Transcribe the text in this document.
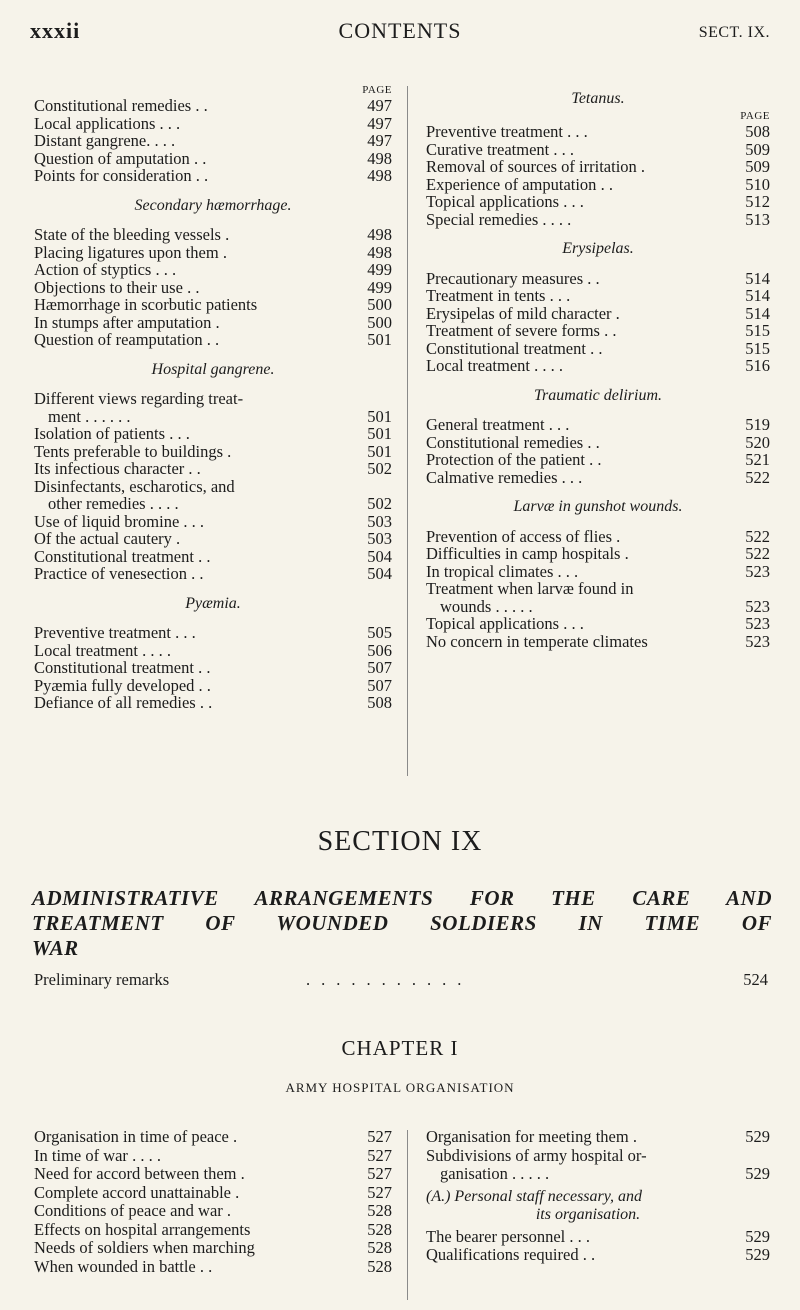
xxxii	CONTENTS	SECT. IX.
PAGE
Constitutional remedies . .	497
Local applications . . .	497
Distant gangrene. . . .	497
Question of amputation . .	498
Points for consideration . .	498
Secondary hæmorrhage.
State of the bleeding vessels .	498
Placing ligatures upon them .	498
Action of styptics . . .	499
Objections to their use . .	499
Hæmorrhage in scorbutic patients	500
In stumps after amputation .	500
Question of reamputation . .	501
Hospital gangrene.
Different views regarding treat-
ment . . . . . .	501
Isolation of patients . . .	501
Tents preferable to buildings .	501
Its infectious character . .	502
Disinfectants, escharotics, and
other remedies . . . .	502
Use of liquid bromine . . .	503
Of the actual cautery .	503
Constitutional treatment . .	504
Practice of venesection . .	504
Pyæmia.
Preventive treatment . . .	505
Local treatment . . . .	506
Constitutional treatment . .	507
Pyæmia fully developed . .	507
Defiance of all remedies . .	508
Tetanus.
PAGE
Preventive treatment . . .	508
Curative treatment . . .	509
Removal of sources of irritation .	509
Experience of amputation . .	510
Topical applications . . .	512
Special remedies . . . .	513
Erysipelas.
Precautionary measures . .	514
Treatment in tents . . .	514
Erysipelas of mild character .	514
Treatment of severe forms . .	515
Constitutional treatment . .	515
Local treatment . . . .	516
Traumatic delirium.
General treatment . . .	519
Constitutional remedies . .	520
Protection of the patient . .	521
Calmative remedies . . .	522
Larvæ in gunshot wounds.
Prevention of access of flies .	522
Difficulties in camp hospitals .	522
In tropical climates . . .	523
Treatment when larvæ found in
wounds . . . . .	523
Topical applications . . .	523
No concern in temperate climates	523
SECTION IX
ADMINISTRATIVE ARRANGEMENTS FOR THE CARE AND
TREATMENT OF WOUNDED SOLDIERS IN TIME OF
WAR
Preliminary remarks	...........	524
CHAPTER I
ARMY HOSPITAL ORGANISATION
Organisation in time of peace .	527
In time of war . . . .	527
Need for accord between them .	527
Complete accord unattainable .	527
Conditions of peace and war .	528
Effects on hospital arrangements	528
Needs of soldiers when marching	528
When wounded in battle . .	528
Organisation for meeting them .	529
Subdivisions of army hospital or-
ganisation . . . . .	529
(A.) Personal staff necessary, and
its organisation.
The bearer personnel . . .	529
Qualifications required . .	529
